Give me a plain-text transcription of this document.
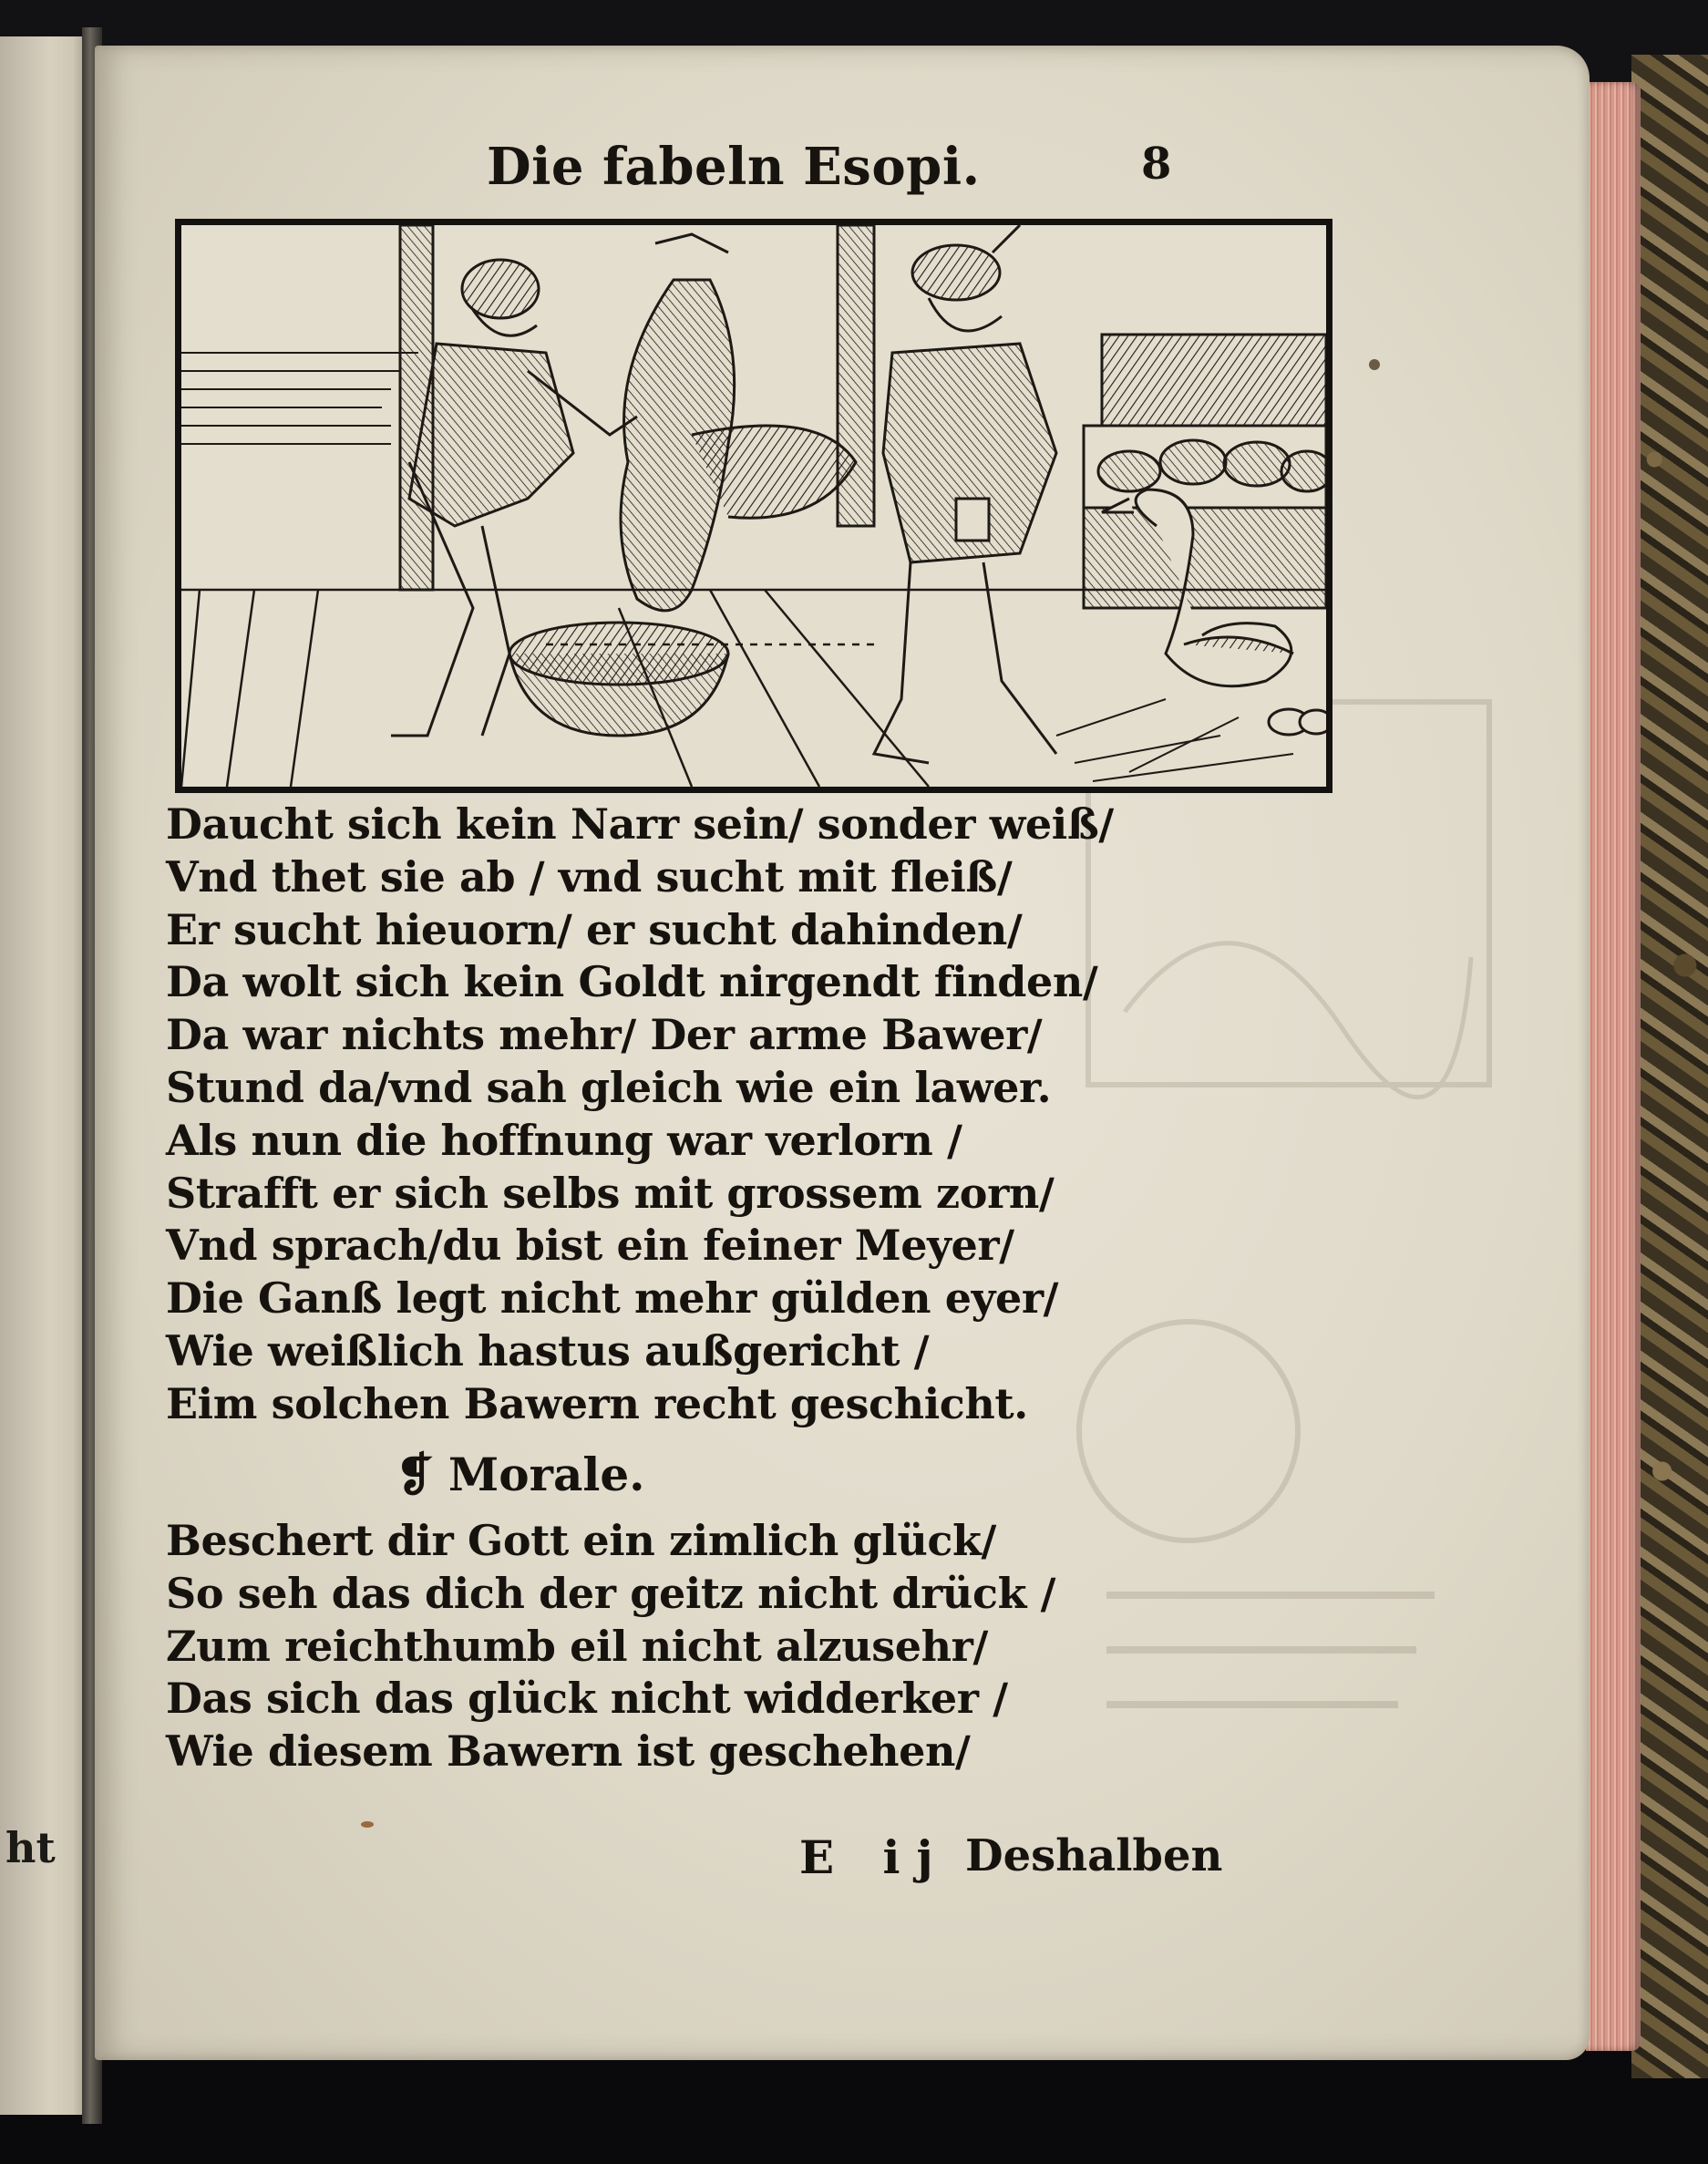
ht
Die fabeln Esopi.	8
Daucht sich kein Narr sein/ sonder weiß/
Vnd thet sie ab / vnd sucht mit fleiß/
Er sucht hieuorn/ er sucht dahinden/
Da wolt sich kein Goldt nirgendt finden/
Da war nichts mehr/ Der arme Bawer/
Stund da/vnd sah gleich wie ein lawer.
Als nun die hoffnung war verlorn /
Strafft er sich selbs mit grossem zorn/
Vnd sprach/du bist ein feiner Meyer/
Die Ganß legt nicht mehr gülden eyer/
Wie weißlich hastus außgericht /
Eim solchen Bawern recht geschicht.
❡ Morale.
Beschert dir Gott ein zimlich glück/
So seh das dich der geitz nicht drück /
Zum reichthumb eil nicht alzusehr/
Das sich das glück nicht widderker /
Wie diesem Bawern ist geschehen/
E ij Deshalben
